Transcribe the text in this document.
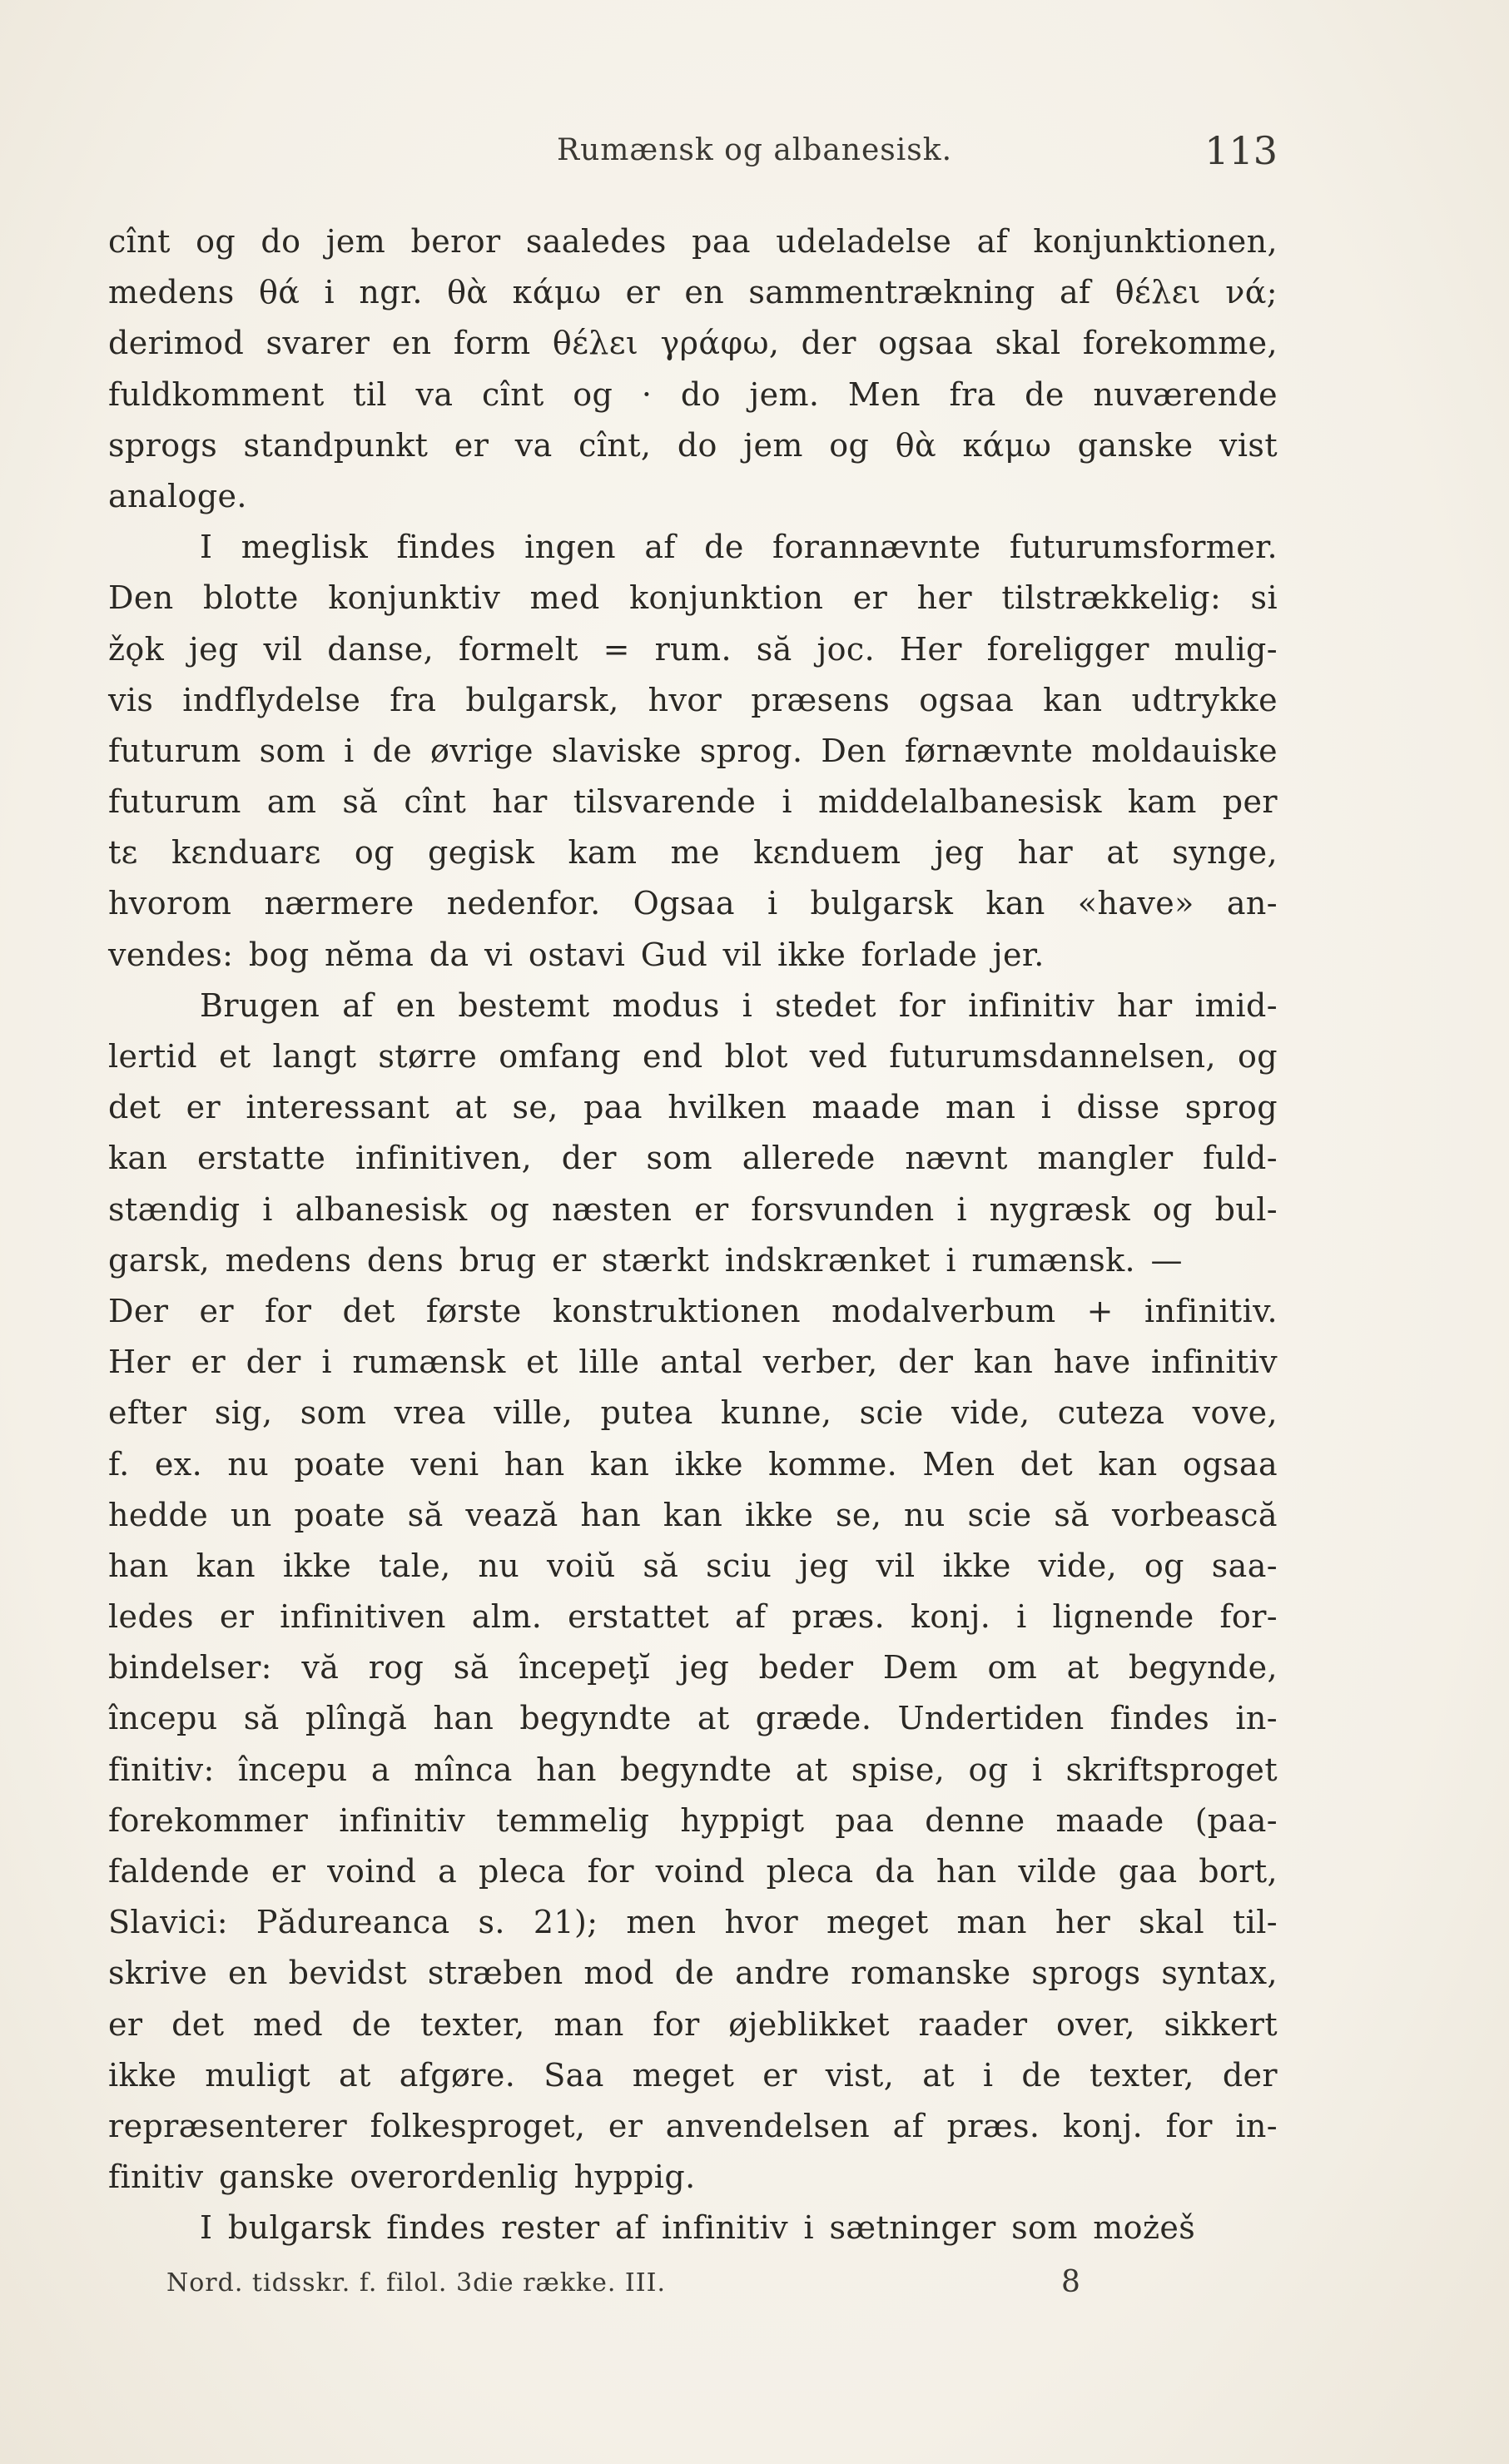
Rumænsk og albanesisk.	113
cînt og do jem beror saaledes paa udeladelse af konjunktionen,
medens θά i ngr. θὰ κάμω er en sammentrækning af θέλει νά;
derimod svarer en form θέλει γράφω, der ogsaa skal forekomme,
fuldkomment til va cînt og · do jem. Men fra de nuværende
sprogs standpunkt er va cînt, do jem og θὰ κάμω ganske vist
analoge.
I meglisk findes ingen af de forannævnte futurumsformer.
Den blotte konjunktiv med konjunktion er her tilstrækkelig: si
žǫk jeg vil danse, formelt = rum. să joc. Her foreligger mulig-
vis indflydelse fra bulgarsk, hvor præsens ogsaa kan udtrykke
futurum som i de øvrige slaviske sprog. Den førnævnte moldauiske
futurum am să cînt har tilsvarende i middelalbanesisk kam per
tε kεnduarε og gegisk kam me kεnduem jeg har at synge,
hvorom nærmere nedenfor. Ogsaa i bulgarsk kan «have» an-
vendes: bog nĕma da vi ostavi Gud vil ikke forlade jer.
Brugen af en bestemt modus i stedet for infinitiv har imid-
lertid et langt større omfang end blot ved futurumsdannelsen, og
det er interessant at se, paa hvilken maade man i disse sprog
kan erstatte infinitiven, der som allerede nævnt mangler fuld-
stændig i albanesisk og næsten er forsvunden i nygræsk og bul-
garsk, medens dens brug er stærkt indskrænket i rumænsk. —
Der er for det første konstruktionen modalverbum + infinitiv.
Her er der i rumænsk et lille antal verber, der kan have infinitiv
efter sig, som vrea ville, putea kunne, scie vide, cuteza vove,
f. ex. nu poate veni han kan ikke komme. Men det kan ogsaa
hedde un poate să vează han kan ikke se, nu scie să vorbească
han kan ikke tale, nu voiŭ să sciu jeg vil ikke vide, og saa-
ledes er infinitiven alm. erstattet af præs. konj. i lignende for-
bindelser: vă rog să începeţĭ jeg beder Dem om at begynde,
începu să plîngă han begyndte at græde. Undertiden findes in-
finitiv: începu a mînca han begyndte at spise, og i skriftsproget
forekommer infinitiv temmelig hyppigt paa denne maade (paa-
faldende er voind a pleca for voind pleca da han vilde gaa bort,
Slavici: Pădureanca s. 21); men hvor meget man her skal til-
skrive en bevidst stræben mod de andre romanske sprogs syntax,
er det med de texter, man for øjeblikket raader over, sikkert
ikke muligt at afgøre. Saa meget er vist, at i de texter, der
repræsenterer folkesproget, er anvendelsen af præs. konj. for in-
finitiv ganske overordenlig hyppig.
I bulgarsk findes rester af infinitiv i sætninger som możeš
Nord. tidsskr. f. filol. 3die række. III.	8
